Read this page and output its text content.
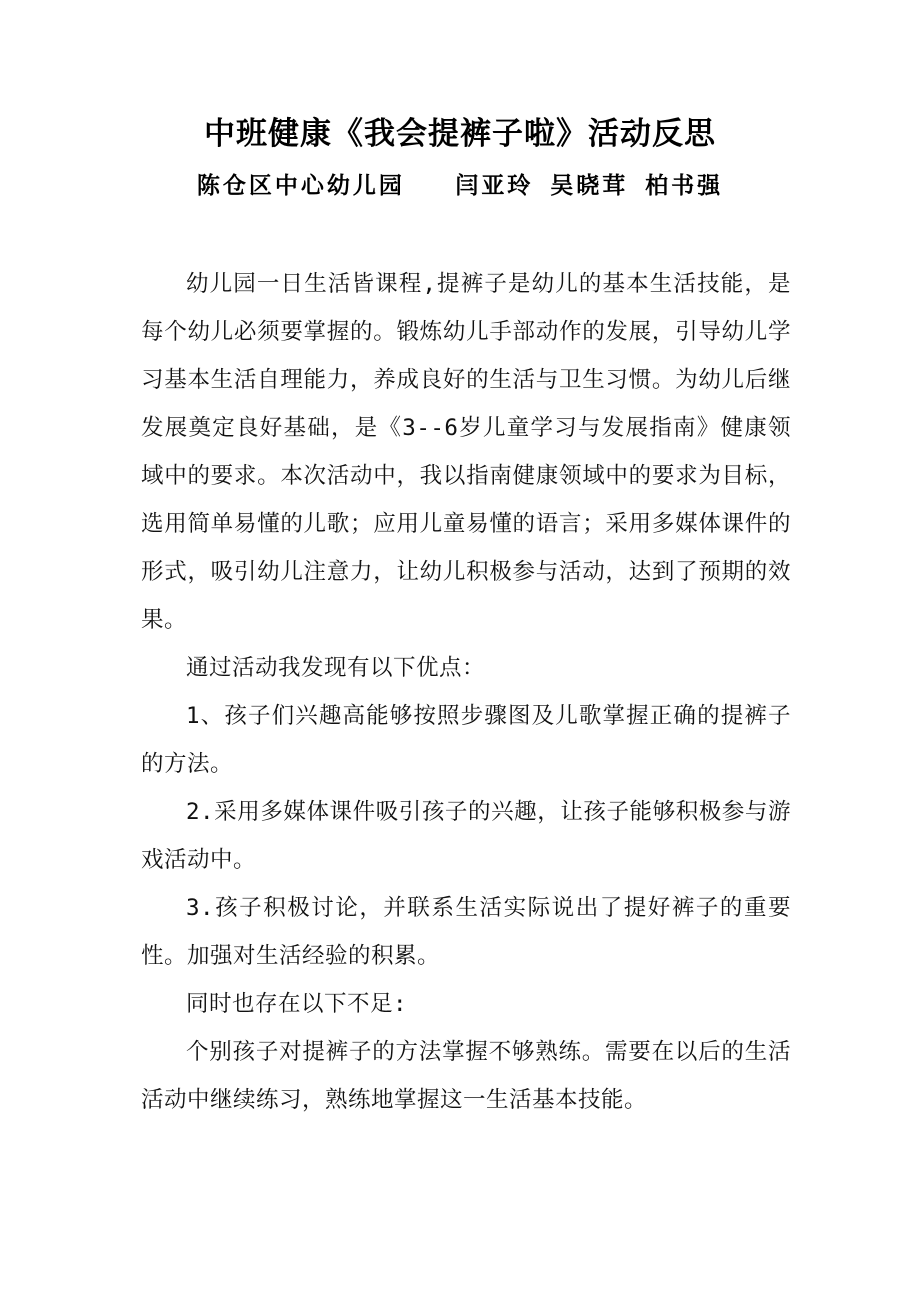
中班健康《我会提裤子啦》活动反思
陈仓区中心幼儿园   闫亚玲 吴晓茸 柏书强

幼儿园一日生活皆课程,提裤子是幼儿的基本生活技能，是每个幼儿必须要掌握的。锻炼幼儿手部动作的发展，引导幼儿学习基本生活自理能力，养成良好的生活与卫生习惯。为幼儿后继发展奠定良好基础，是《3--6岁儿童学习与发展指南》健康领域中的要求。本次活动中，我以指南健康领域中的要求为目标，选用简单易懂的儿歌；应用儿童易懂的语言；采用多媒体课件的形式，吸引幼儿注意力，让幼儿积极参与活动，达到了预期的效果。

通过活动我发现有以下优点：

1、孩子们兴趣高能够按照步骤图及儿歌掌握正确的提裤子的方法。

2.采用多媒体课件吸引孩子的兴趣，让孩子能够积极参与游戏活动中。

3.孩子积极讨论，并联系生活实际说出了提好裤子的重要性。加强对生活经验的积累。

同时也存在以下不足:

个别孩子对提裤子的方法掌握不够熟练。需要在以后的生活活动中继续练习，熟练地掌握这一生活基本技能。
